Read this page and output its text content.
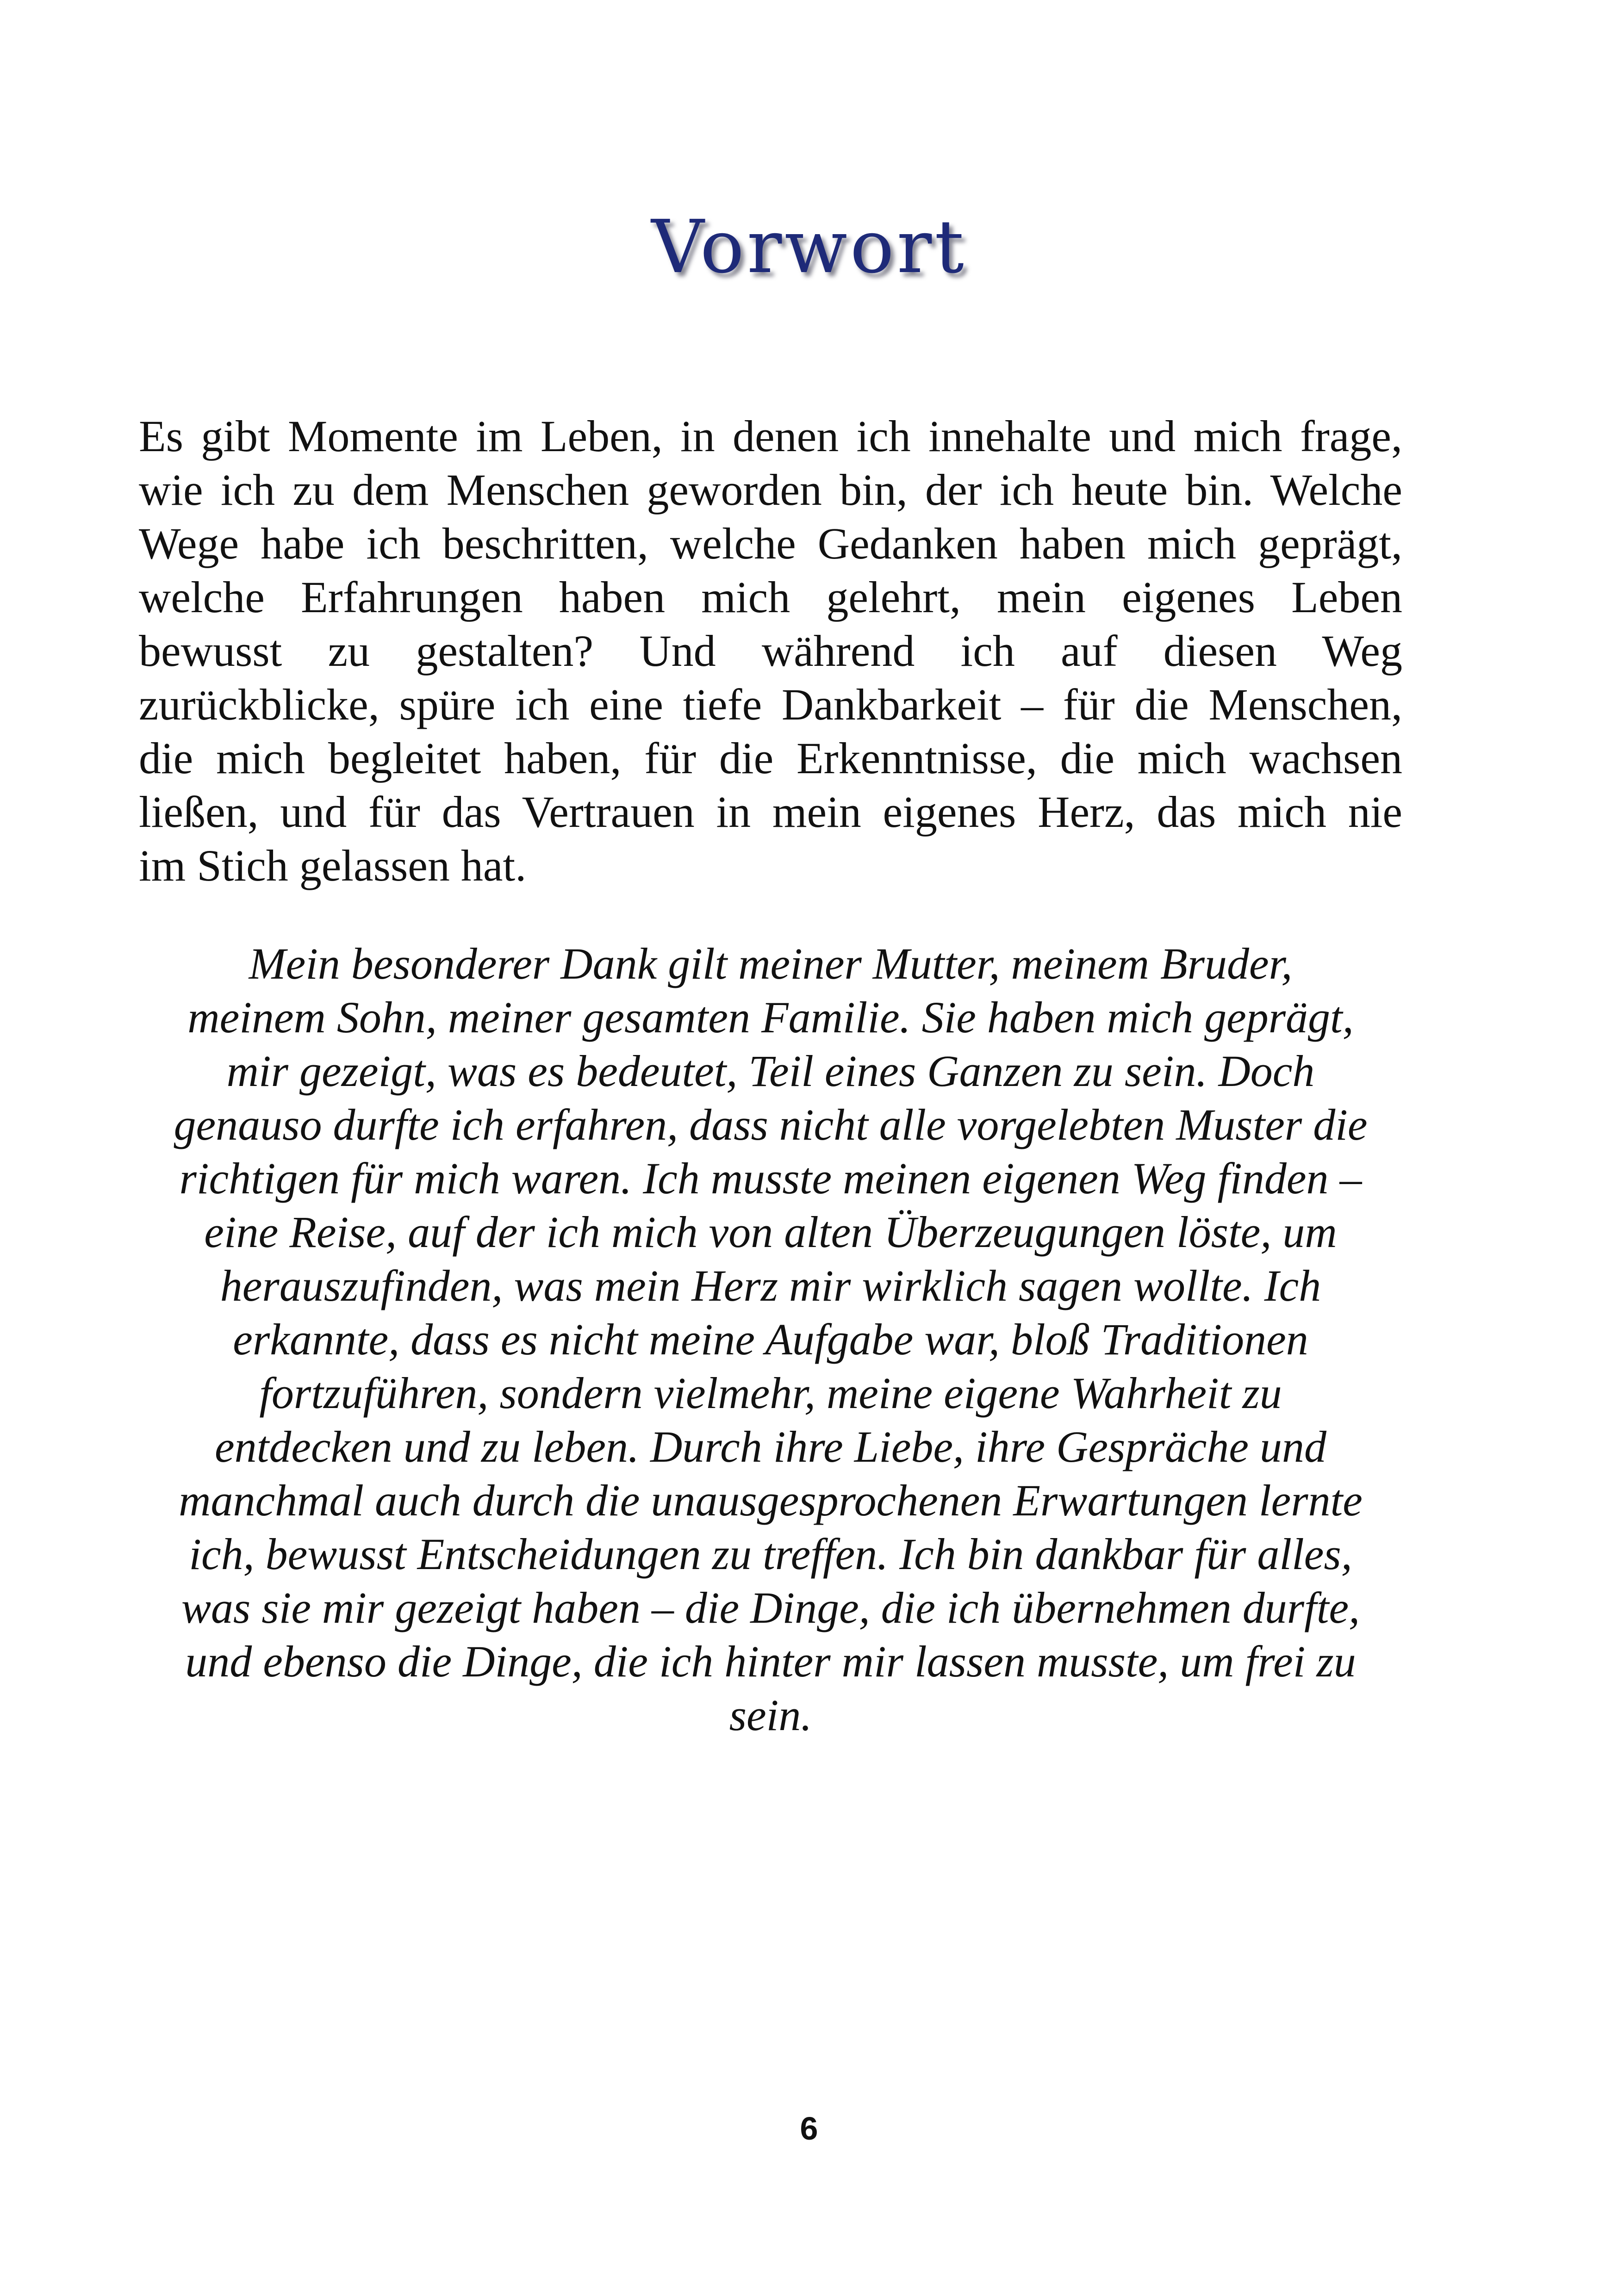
Vorwort
Es gibt Momente im Leben, in denen ich innehalte und mich frage,
wie ich zu dem Menschen geworden bin, der ich heute bin. Welche
Wege habe ich beschritten, welche Gedanken haben mich geprägt,
welche Erfahrungen haben mich gelehrt, mein eigenes Leben
bewusst zu gestalten? Und während ich auf diesen Weg
zurückblicke, spüre ich eine tiefe Dankbarkeit – für die Menschen,
die mich begleitet haben, für die Erkenntnisse, die mich wachsen
ließen, und für das Vertrauen in mein eigenes Herz, das mich nie
im Stich gelassen hat.
Mein besonderer Dank gilt meiner Mutter, meinem Bruder,
meinem Sohn, meiner gesamten Familie. Sie haben mich geprägt,
mir gezeigt, was es bedeutet, Teil eines Ganzen zu sein. Doch
genauso durfte ich erfahren, dass nicht alle vorgelebten Muster die
richtigen für mich waren. Ich musste meinen eigenen Weg finden –
eine Reise, auf der ich mich von alten Überzeugungen löste, um
herauszufinden, was mein Herz mir wirklich sagen wollte. Ich
erkannte, dass es nicht meine Aufgabe war, bloß Traditionen
fortzuführen, sondern vielmehr, meine eigene Wahrheit zu
entdecken und zu leben. Durch ihre Liebe, ihre Gespräche und
manchmal auch durch die unausgesprochenen Erwartungen lernte
ich, bewusst Entscheidungen zu treffen. Ich bin dankbar für alles,
was sie mir gezeigt haben – die Dinge, die ich übernehmen durfte,
und ebenso die Dinge, die ich hinter mir lassen musste, um frei zu
sein.
6
